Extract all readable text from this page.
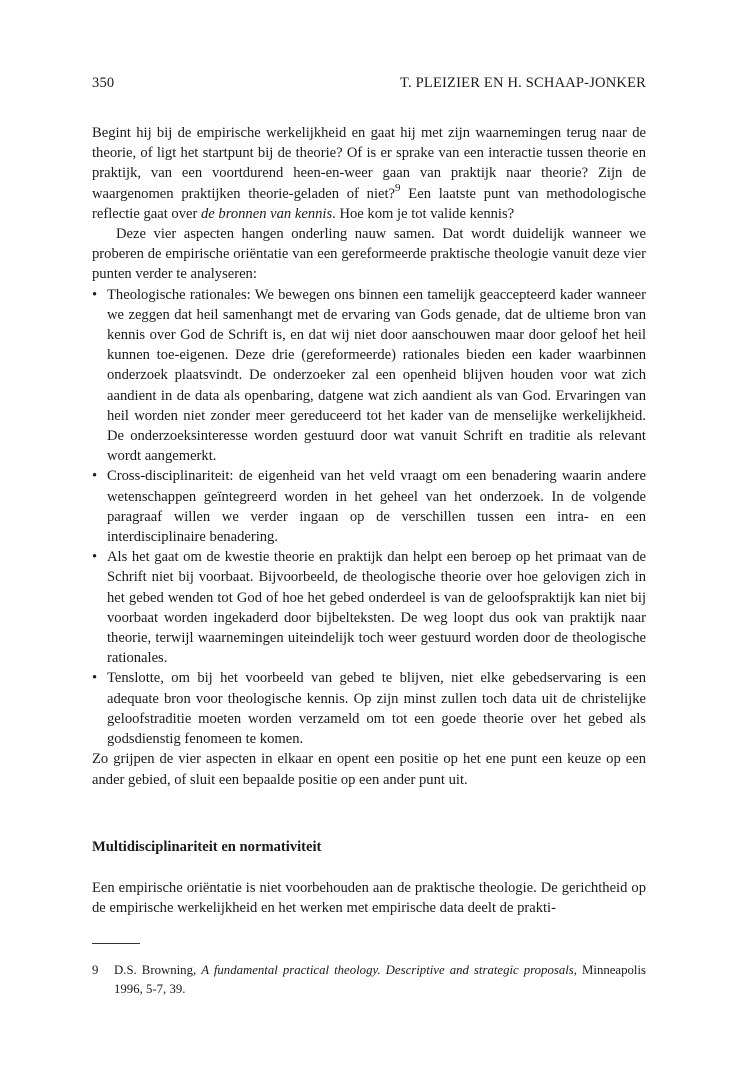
350	T. PLEIZIER EN H. SCHAAP-JONKER

Begint hij bij de empirische werkelijkheid en gaat hij met zijn waarnemingen terug naar de theorie, of ligt het startpunt bij de theorie? Of is er sprake van een interactie tussen theorie en praktijk, van een voortdurend heen-en-weer gaan van praktijk naar theorie? Zijn de waargenomen praktijken theorie-geladen of niet?$^9$ Een laatste punt van methodologische reflectie gaat over de bronnen van kennis. Hoe kom je tot valide kennis?

Deze vier aspecten hangen onderling nauw samen. Dat wordt duidelijk wanneer we proberen de empirische oriëntatie van een gereformeerde praktische theologie vanuit deze vier punten verder te analyseren:

• Theologische rationales: We bewegen ons binnen een tamelijk geaccepteerd kader wanneer we zeggen dat heil samenhangt met de ervaring van Gods genade, dat de ultieme bron van kennis over God de Schrift is, en dat wij niet door aanschouwen maar door geloof het heil kunnen toe-eigenen. Deze drie (gereformeerde) rationales bieden een kader waarbinnen onderzoek plaatsvindt. De onderzoeker zal een openheid blijven houden voor wat zich aandient in de data als openbaring, datgene wat zich aandient als van God. Ervaringen van heil worden niet zonder meer gereduceerd tot het kader van de menselijke werkelijkheid. De onderzoeksinteresse worden gestuurd door wat vanuit Schrift en traditie als relevant wordt aangemerkt.
• Cross-disciplinariteit: de eigenheid van het veld vraagt om een benadering waarin andere wetenschappen geïntegreerd worden in het geheel van het onderzoek. In de volgende paragraaf willen we verder ingaan op de verschillen tussen een intra- en een interdisciplinaire benadering.
• Als het gaat om de kwestie theorie en praktijk dan helpt een beroep op het primaat van de Schrift niet bij voorbaat. Bijvoorbeeld, de theologische theorie over hoe gelovigen zich in het gebed wenden tot God of hoe het gebed onderdeel is van de geloofspraktijk kan niet bij voorbaat worden ingekaderd door bijbelteksten. De weg loopt dus ook van praktijk naar theorie, terwijl waarnemingen uiteindelijk toch weer gestuurd worden door de theologische rationales.
• Tenslotte, om bij het voorbeeld van gebed te blijven, niet elke gebedservaring is een adequate bron voor theologische kennis. Op zijn minst zullen toch data uit de christelijke geloofstraditie moeten worden verzameld om tot een goede theorie over het gebed als godsdienstig fenomeen te komen.

Zo grijpen de vier aspecten in elkaar en opent een positie op het ene punt een keuze op een ander gebied, of sluit een bepaalde positie op een ander punt uit.

Multidisciplinariteit en normativiteit
Een empirische oriëntatie is niet voorbehouden aan de praktische theologie. De gerichtheid op de empirische werkelijkheid en het werken met empirische data deelt de prakti-
9	D.S. Browning, A fundamental practical theology. Descriptive and strategic proposals, Minneapolis 1996, 5-7, 39.
